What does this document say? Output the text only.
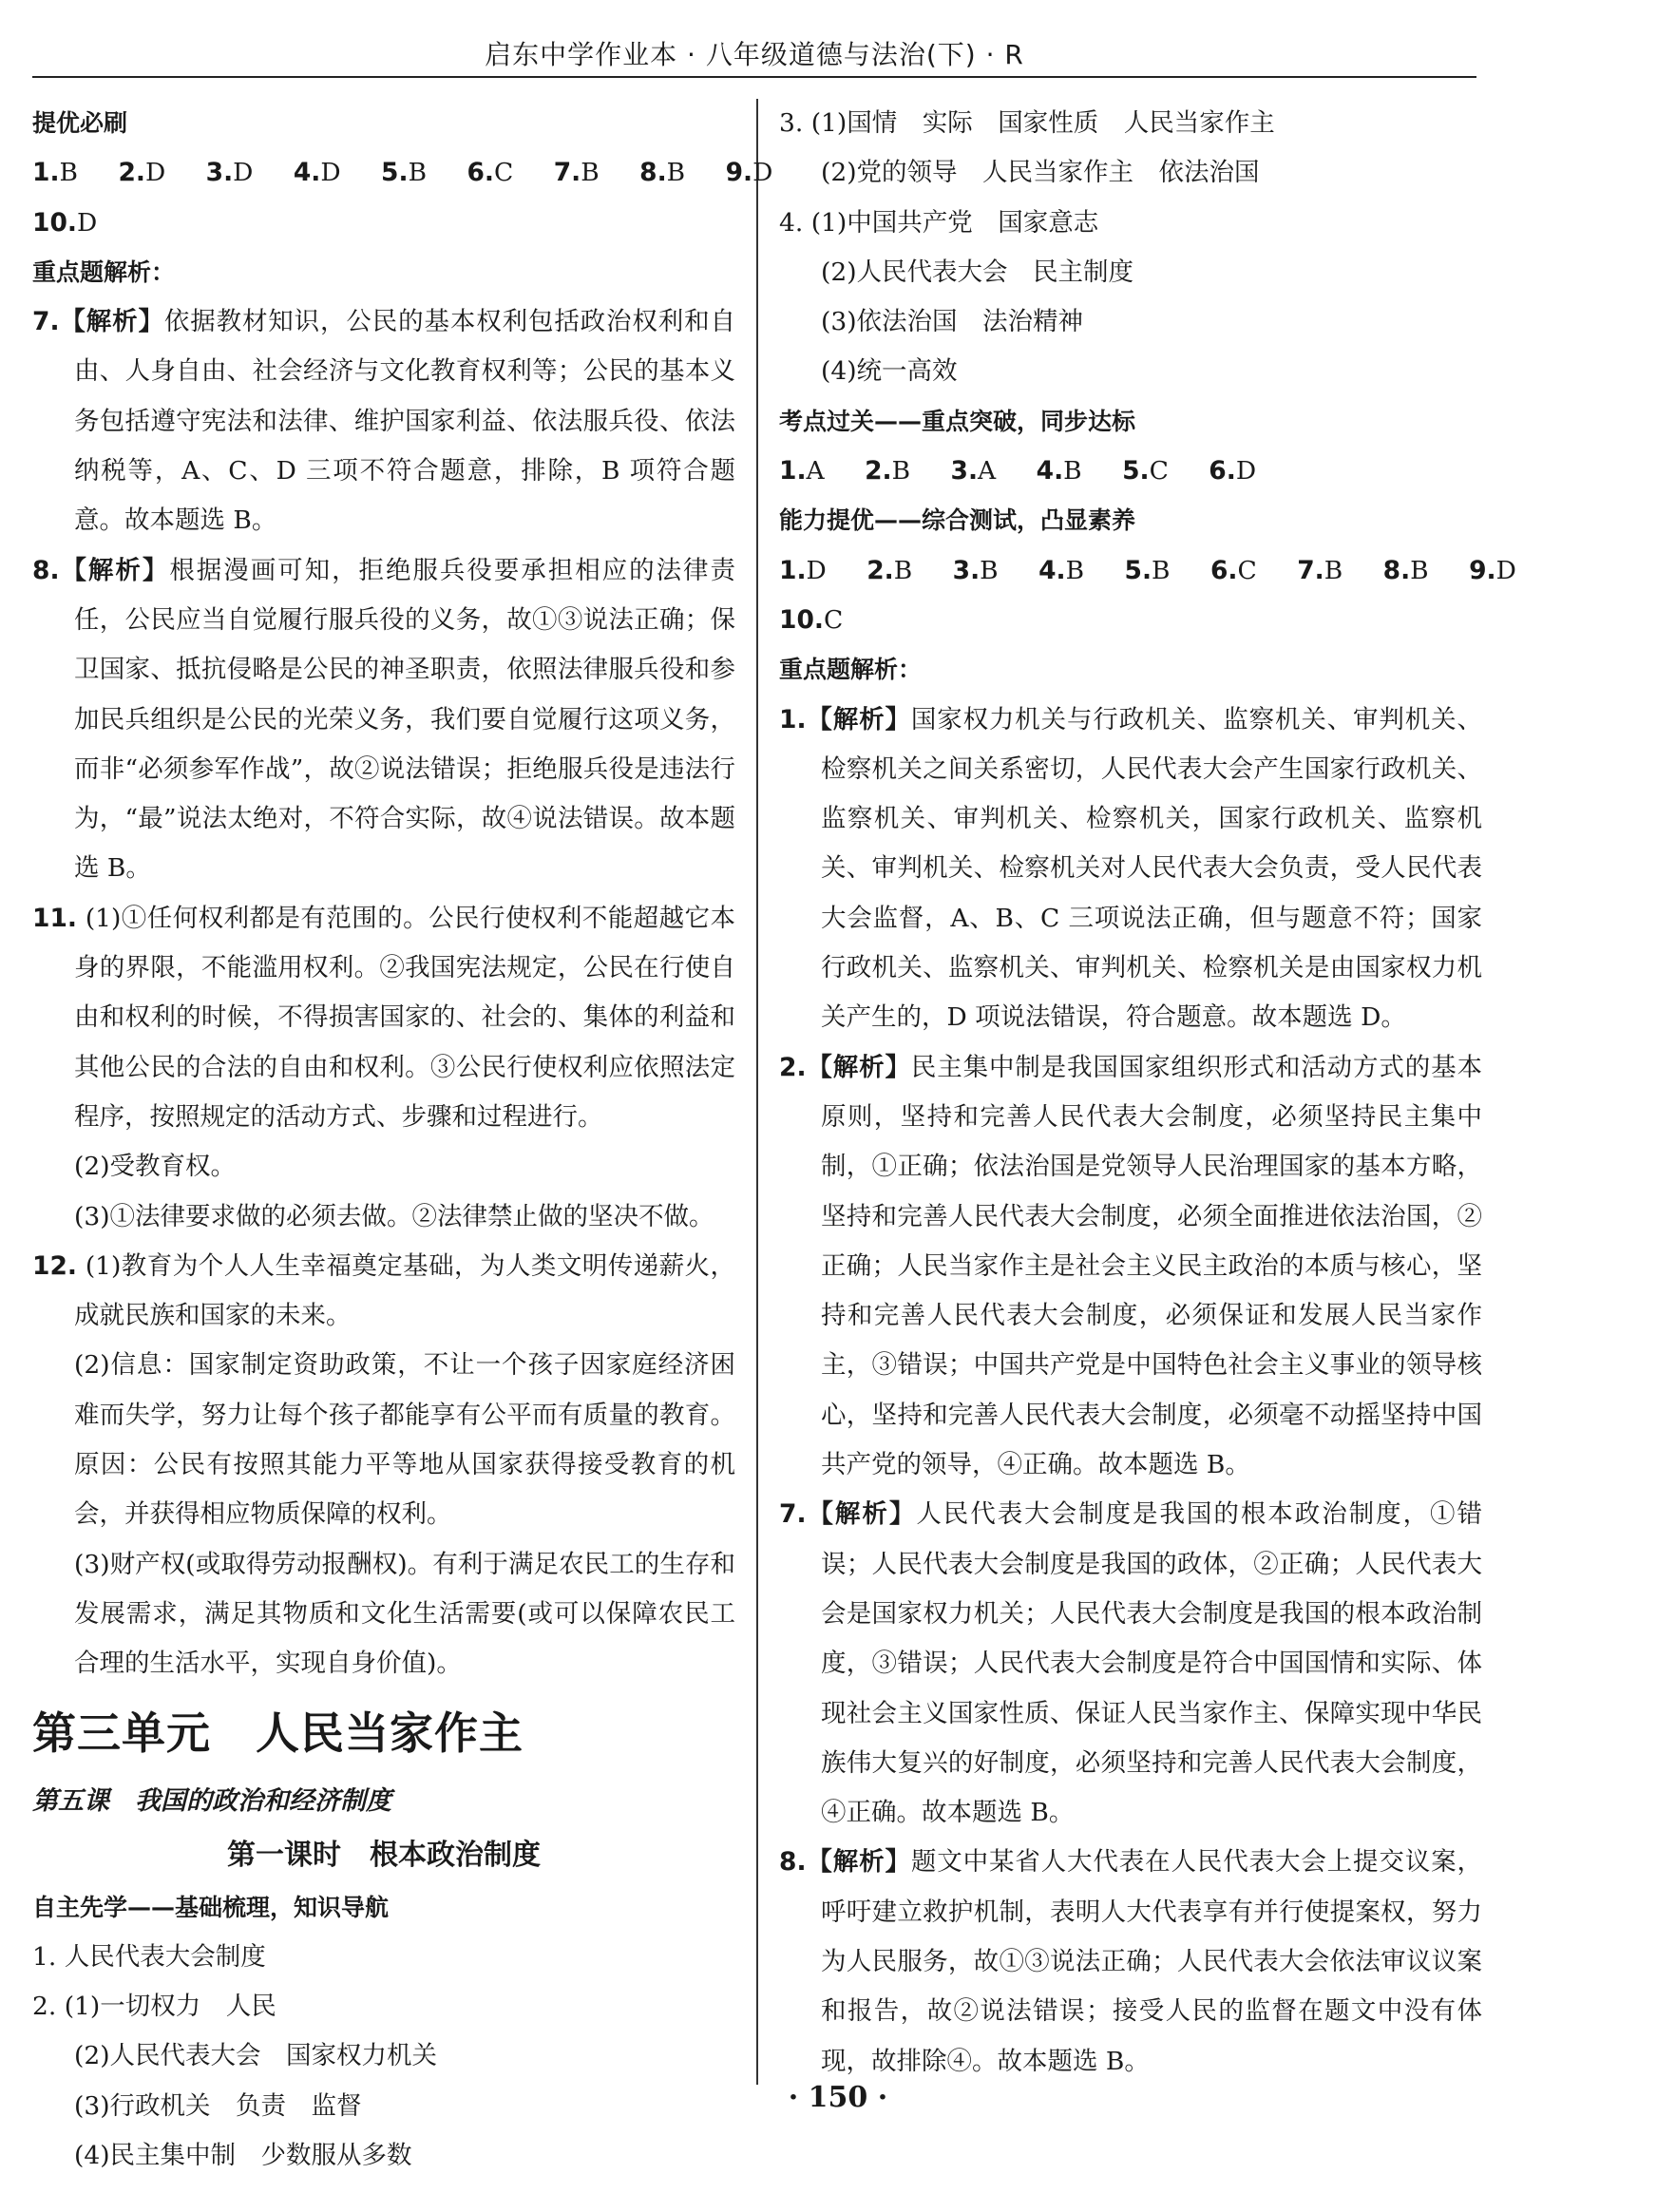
启东中学作业本 · 八年级道德与法治(下) · R

提优必刷

1.B 2.D 3.D 4.D 5.B 6.C 7.B 8.B 9.D

10.D

重点题解析：

7.【解析】依据教材知识，公民的基本权利包括政治权利和自由、人身自由、社会经济与文化教育权利等；公民的基本义务包括遵守宪法和法律、维护国家利益、依法服兵役、依法纳税等，A、C、D 三项不符合题意，排除，B 项符合题意。故本题选 B。

8.【解析】根据漫画可知，拒绝服兵役要承担相应的法律责任，公民应当自觉履行服兵役的义务，故①③说法正确；保卫国家、抵抗侵略是公民的神圣职责，依照法律服兵役和参加民兵组织是公民的光荣义务，我们要自觉履行这项义务，而非“必须参军作战”，故②说法错误；拒绝服兵役是违法行为，“最”说法太绝对，不符合实际，故④说法错误。故本题选 B。

11. (1)①任何权利都是有范围的。公民行使权利不能超越它本身的界限，不能滥用权利。②我国宪法规定，公民在行使自由和权利的时候，不得损害国家的、社会的、集体的利益和其他公民的合法的自由和权利。③公民行使权利应依照法定程序，按照规定的活动方式、步骤和过程进行。

(2)受教育权。

(3)①法律要求做的必须去做。②法律禁止做的坚决不做。

12. (1)教育为个人人生幸福奠定基础，为人类文明传递薪火，成就民族和国家的未来。

(2)信息：国家制定资助政策，不让一个孩子因家庭经济困难而失学，努力让每个孩子都能享有公平而有质量的教育。原因：公民有按照其能力平等地从国家获得接受教育的机会，并获得相应物质保障的权利。

(3)财产权(或取得劳动报酬权)。有利于满足农民工的生存和发展需求，满足其物质和文化生活需要(或可以保障农民工合理的生活水平，实现自身价值)。

第三单元　人民当家作主

第五课　我国的政治和经济制度

第一课时　根本政治制度

自主先学——基础梳理，知识导航

1. 人民代表大会制度

2. (1)一切权力　人民

(2)人民代表大会　国家权力机关

(3)行政机关　负责　监督

(4)民主集中制　少数服从多数

3. (1)国情　实际　国家性质　人民当家作主

(2)党的领导　人民当家作主　依法治国

4. (1)中国共产党　国家意志

(2)人民代表大会　民主制度

(3)依法治国　法治精神

(4)统一高效

考点过关——重点突破，同步达标

1.A 2.B 3.A 4.B 5.C 6.D

能力提优——综合测试，凸显素养

1.D 2.B 3.B 4.B 5.B 6.C 7.B 8.B 9.D

10.C

重点题解析：

1.【解析】国家权力机关与行政机关、监察机关、审判机关、检察机关之间关系密切，人民代表大会产生国家行政机关、监察机关、审判机关、检察机关，国家行政机关、监察机关、审判机关、检察机关对人民代表大会负责，受人民代表大会监督，A、B、C 三项说法正确，但与题意不符；国家行政机关、监察机关、审判机关、检察机关是由国家权力机关产生的，D 项说法错误，符合题意。故本题选 D。

2.【解析】民主集中制是我国国家组织形式和活动方式的基本原则，坚持和完善人民代表大会制度，必须坚持民主集中制，①正确；依法治国是党领导人民治理国家的基本方略，坚持和完善人民代表大会制度，必须全面推进依法治国，②正确；人民当家作主是社会主义民主政治的本质与核心，坚持和完善人民代表大会制度，必须保证和发展人民当家作主，③错误；中国共产党是中国特色社会主义事业的领导核心，坚持和完善人民代表大会制度，必须毫不动摇坚持中国共产党的领导，④正确。故本题选 B。

7.【解析】人民代表大会制度是我国的根本政治制度，①错误；人民代表大会制度是我国的政体，②正确；人民代表大会是国家权力机关；人民代表大会制度是我国的根本政治制度，③错误；人民代表大会制度是符合中国国情和实际、体现社会主义国家性质、保证人民当家作主、保障实现中华民族伟大复兴的好制度，必须坚持和完善人民代表大会制度，④正确。故本题选 B。

8.【解析】题文中某省人大代表在人民代表大会上提交议案，呼吁建立救护机制，表明人大代表享有并行使提案权，努力为人民服务，故①③说法正确；人民代表大会依法审议议案和报告，故②说法错误；接受人民的监督在题文中没有体现，故排除④。故本题选 B。

· 150 ·
